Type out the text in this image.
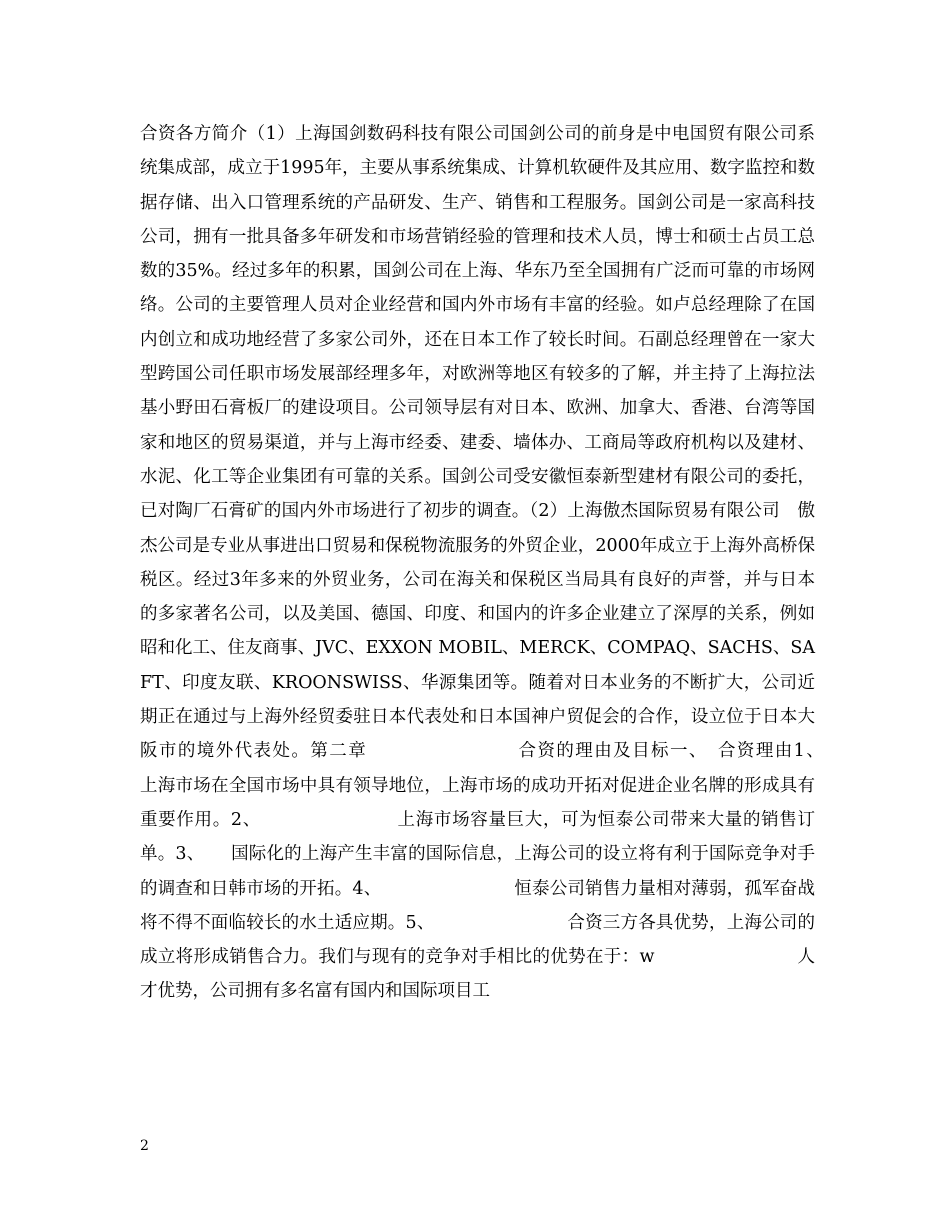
合资各方简介（1）上海国剑数码科技有限公司国剑公司的前身是中电国贸有限公司系统集成部，成立于1995年，主要从事系统集成、计算机软硬件及其应用、数字监控和数据存储、出入口管理系统的产品研发、生产、销售和工程服务。国剑公司是一家高科技公司，拥有一批具备多年研发和市场营销经验的管理和技术人员，博士和硕士占员工总数的35%。经过多年的积累，国剑公司在上海、华东乃至全国拥有广泛而可靠的市场网络。公司的主要管理人员对企业经营和国内外市场有丰富的经验。如卢总经理除了在国内创立和成功地经营了多家公司外，还在日本工作了较长时间。石副总经理曾在一家大型跨国公司任职市场发展部经理多年，对欧洲等地区有较多的了解，并主持了上海拉法基小野田石膏板厂的建设项目。公司领导层有对日本、欧洲、加拿大、香港、台湾等国家和地区的贸易渠道，并与上海市经委、建委、墙体办、工商局等政府机构以及建材、水泥、化工等企业集团有可靠的关系。国剑公司受安徽恒泰新型建材有限公司的委托，已对陶厂石膏矿的国内外市场进行了初步的调查。（2）上海傲杰国际贸易有限公司　傲杰公司是专业从事进出口贸易和保税物流服务的外贸企业，2000年成立于上海外高桥保税区。经过3年多来的外贸业务，公司在海关和保税区当局具有良好的声誉，并与日本的多家著名公司，以及美国、德国、印度、和国内的许多企业建立了深厚的关系，例如昭和化工、住友商事、JVC、EXXON MOBIL、MERCK、COMPAQ、SACHS、SAFT、印度友联、KROONSWISS、华源集团等。随着对日本业务的不断扩大，公司近期正在通过与上海外经贸委驻日本代表处和日本国神户贸促会的合作，设立位于日本大阪市的境外代表处。第二章　　　　　　　　合资的理由及目标一、　合资理由1、　　上海市场在全国市场中具有领导地位，上海市场的成功开拓对促进企业名牌的形成具有重要作用。2、　　　　　　　　上海市场容量巨大，可为恒泰公司带来大量的销售订单。3、　　国际化的上海产生丰富的国际信息，上海公司的设立将有利于国际竞争对手的调查和日韩市场的开拓。4、　　　　　　　　恒泰公司销售力量相对薄弱，孤军奋战将不得不面临较长的水土适应期。5、　　　　　　　　合资三方各具优势，上海公司的成立将形成销售合力。我们与现有的竞争对手相比的优势在于：w　　　　　　　　人才优势，公司拥有多名富有国内和国际项目工

2
